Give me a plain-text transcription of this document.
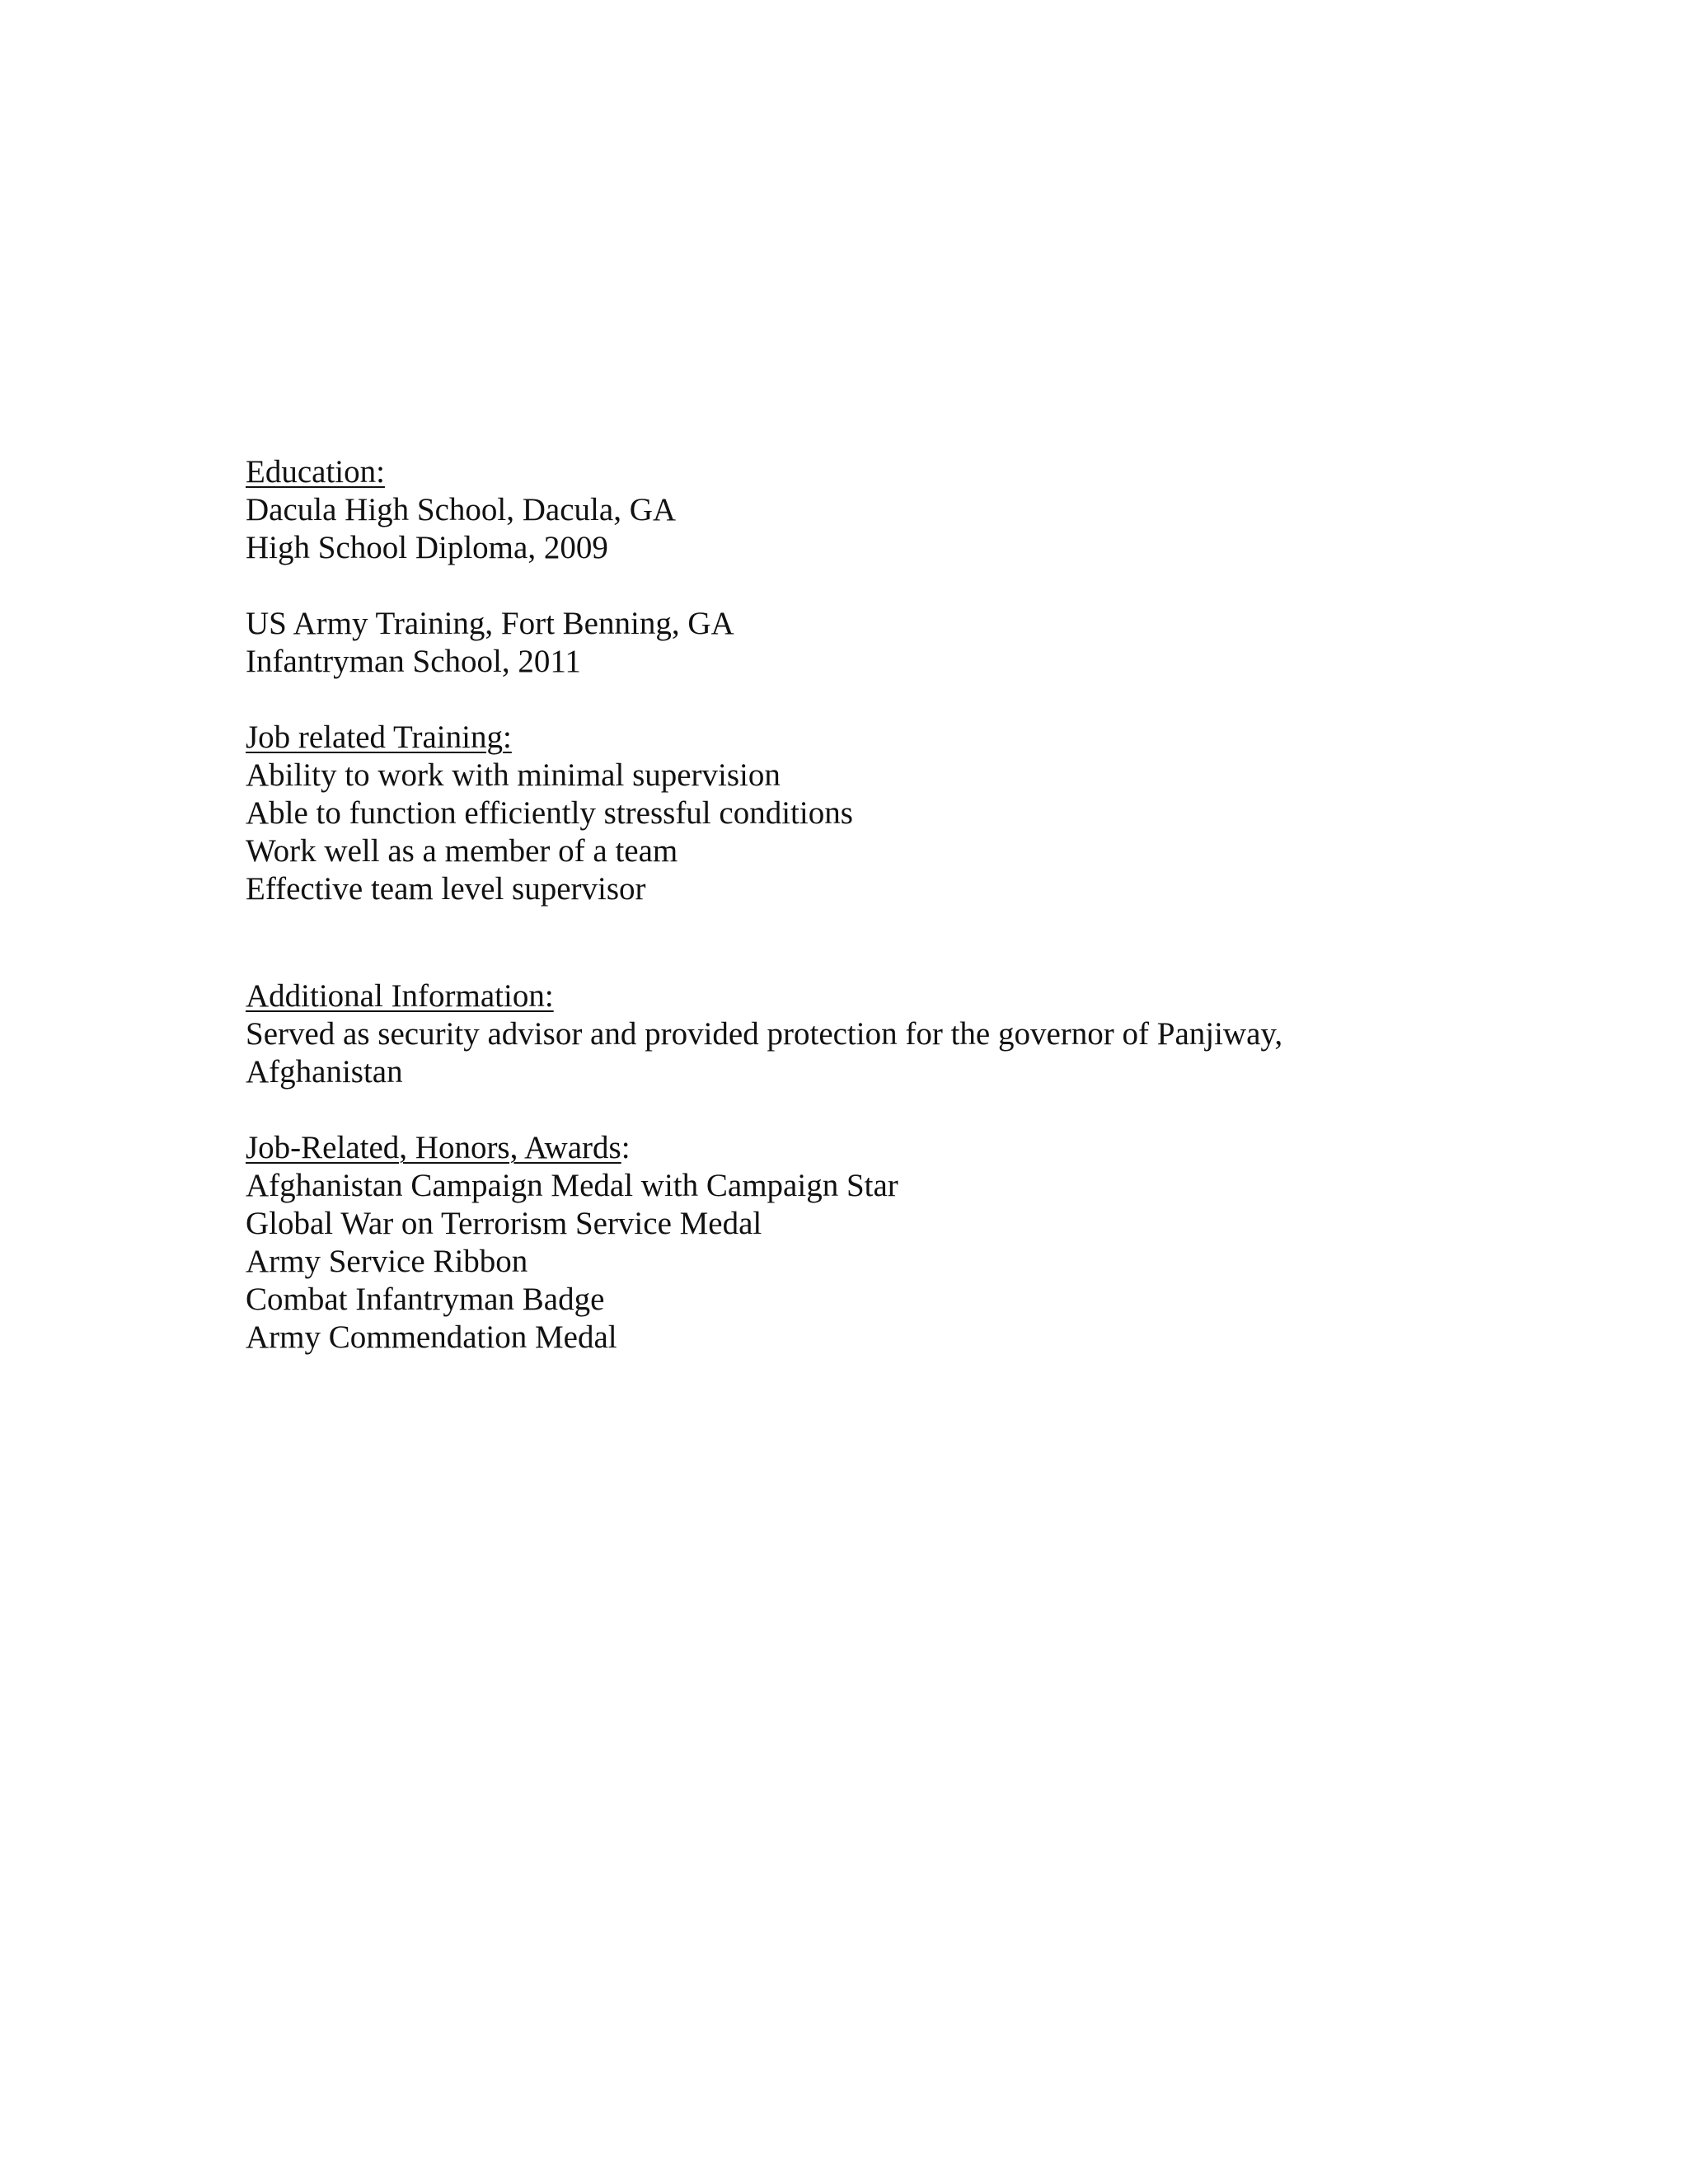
Education:
Dacula High School, Dacula, GA
High School Diploma, 2009
US Army Training, Fort Benning, GA
Infantryman School, 2011
Job related Training:
Ability to work with minimal supervision
Able to function efficiently stressful conditions
Work well as a member of a team
Effective team level supervisor
Additional Information:
Served as security advisor and provided protection for the governor of Panjiway,
Afghanistan
Job-Related, Honors, Awards:
Afghanistan Campaign Medal with Campaign Star
Global War on Terrorism Service Medal
Army Service Ribbon
Combat Infantryman Badge
Army Commendation Medal
